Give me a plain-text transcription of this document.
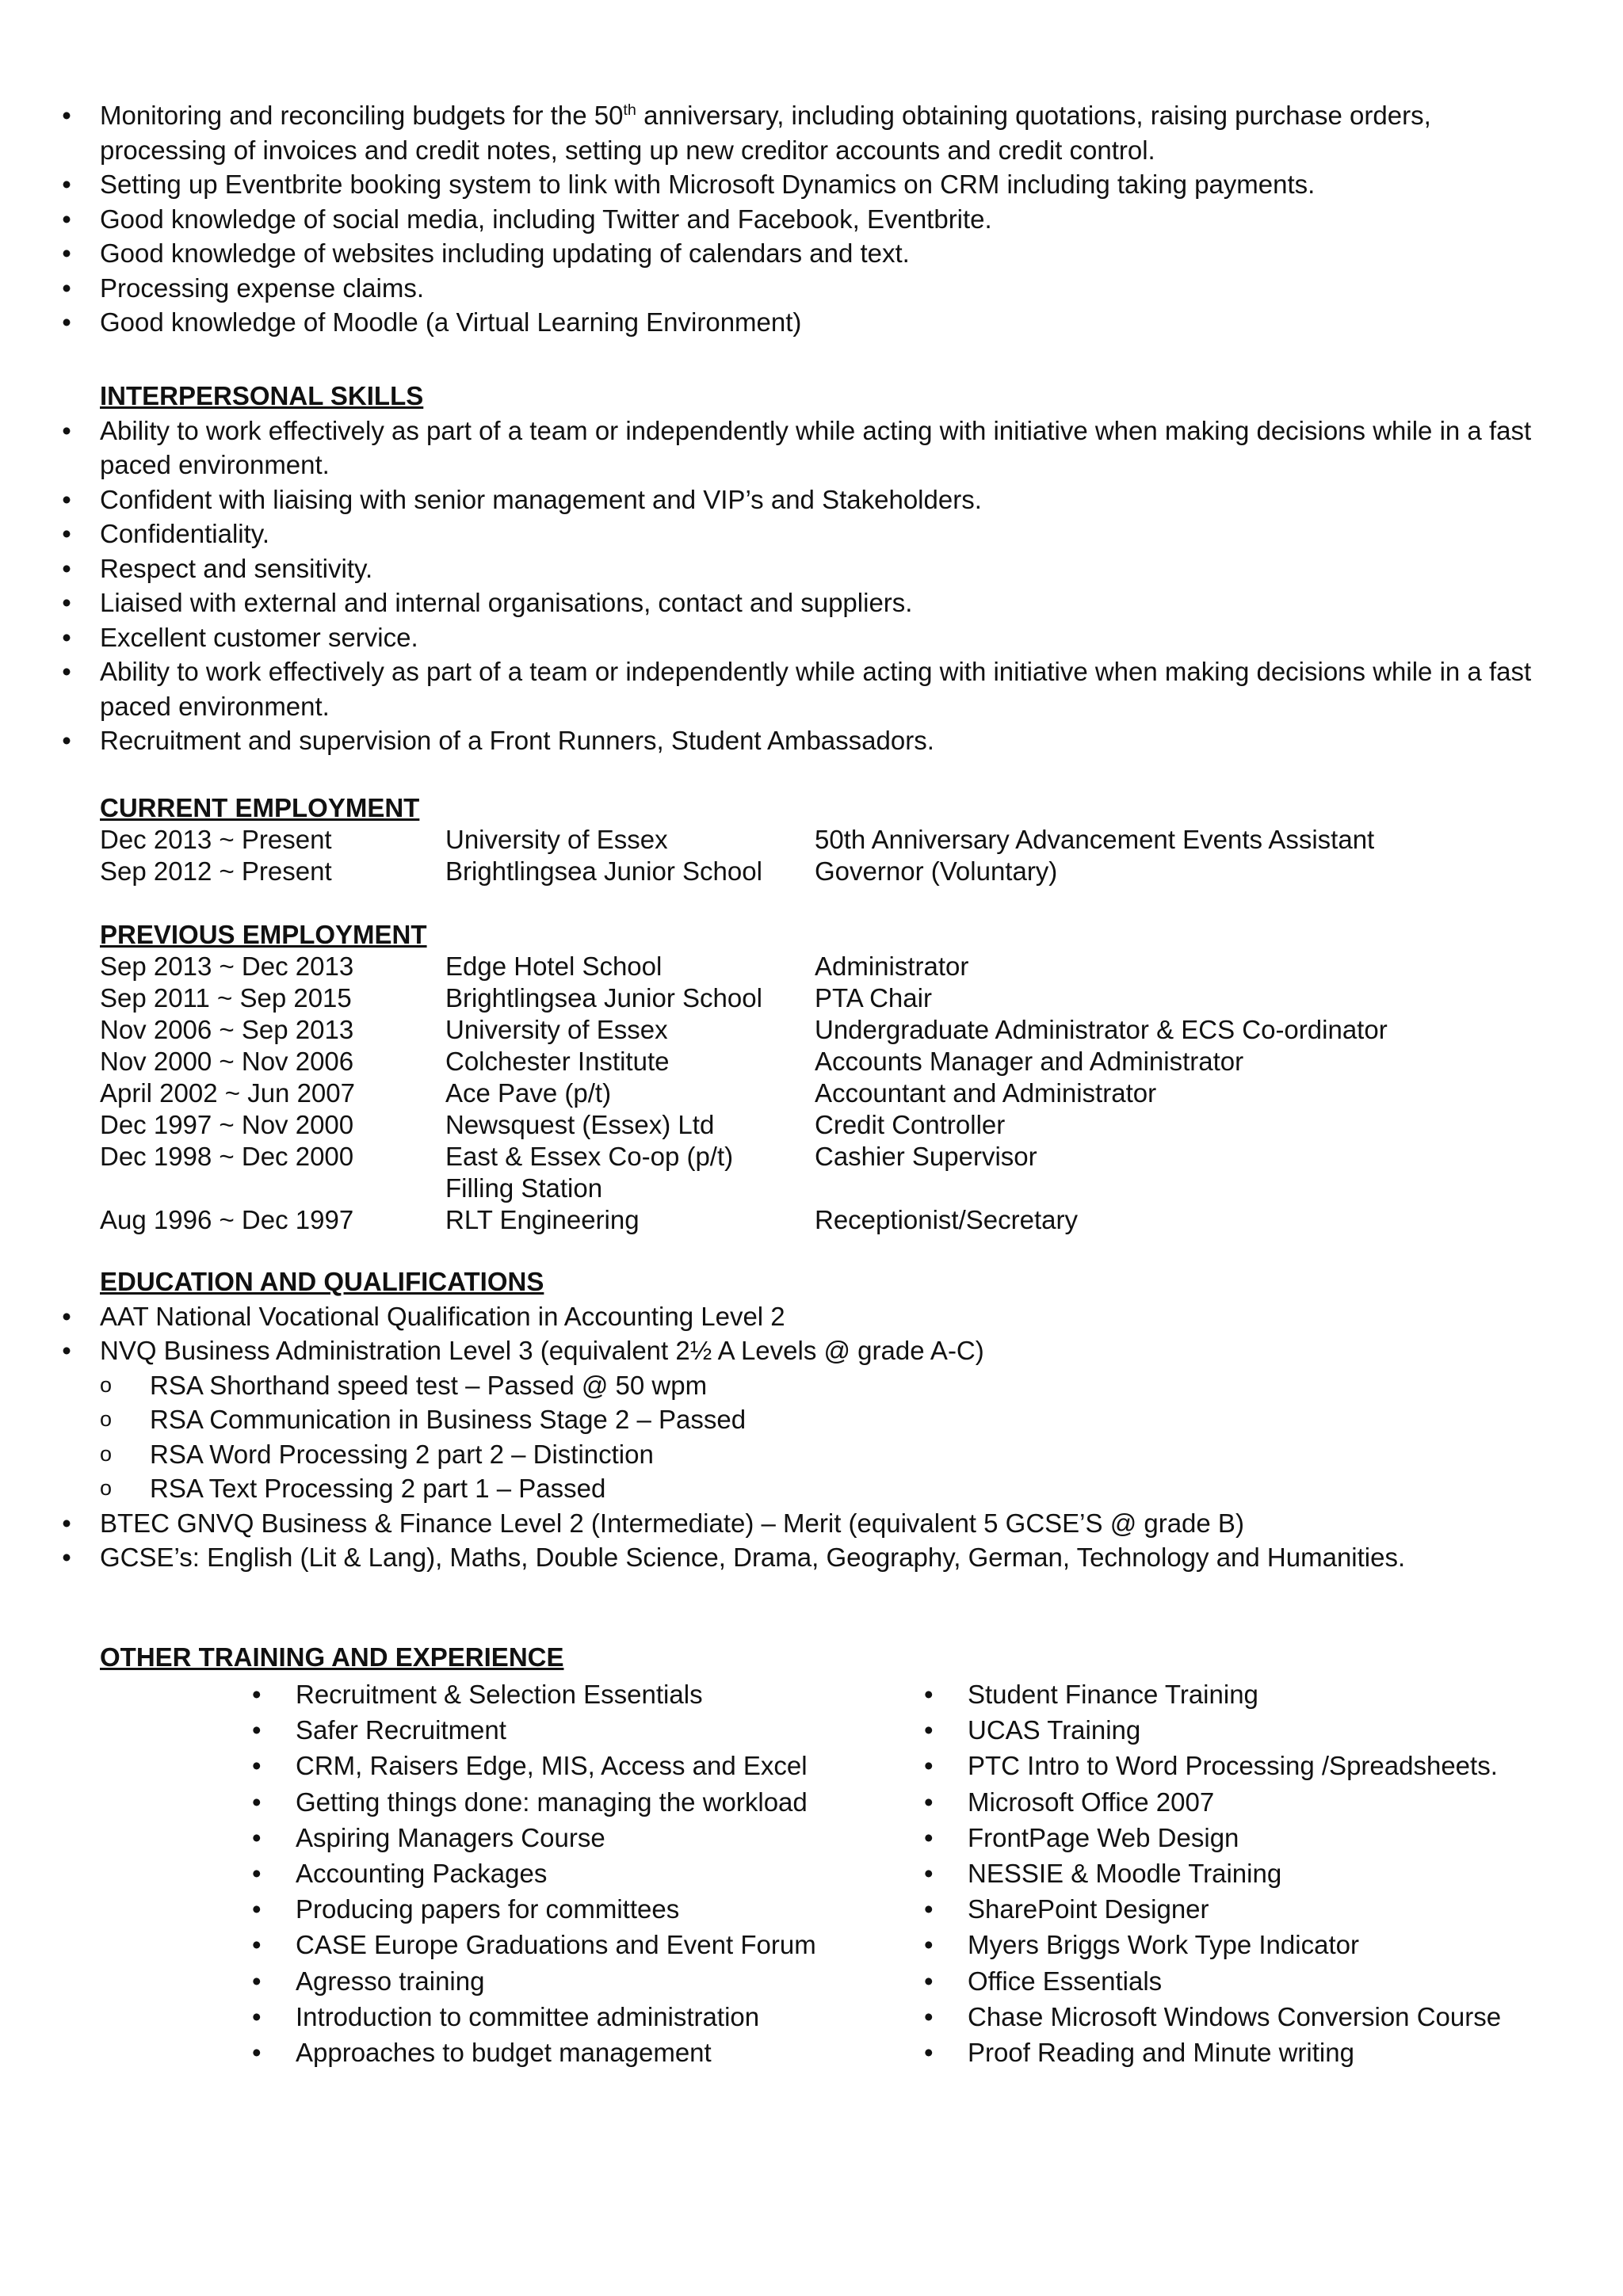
•	Monitoring and reconciling budgets for the 50th anniversary, including obtaining quotations, raising purchase orders, processing of invoices and credit notes, setting up new creditor accounts and credit control.
•	Setting up Eventbrite booking system to link with Microsoft Dynamics on CRM including taking payments.
•	Good knowledge of social media, including Twitter and Facebook, Eventbrite.
•	Good knowledge of websites including updating of calendars and text.
•	Processing expense claims.
•	Good knowledge of Moodle (a Virtual Learning Environment)
INTERPERSONAL SKILLS
•	Ability to work effectively as part of a team or independently while acting with initiative when making decisions while in a fast paced environment.
•	Confident with liaising with senior management and VIP’s and Stakeholders.
•	Confidentiality.
•	Respect and sensitivity.
•	Liaised with external and internal organisations, contact and suppliers.
•	Excellent customer service.
•	Ability to work effectively as part of a team or independently while acting with initiative when making decisions while in a fast paced environment.
•	Recruitment and supervision of a Front Runners, Student Ambassadors.
CURRENT EMPLOYMENT
Dec 2013 ~ Present	University of Essex	50th Anniversary Advancement Events Assistant
Sep 2012 ~ Present	Brightlingsea Junior School	Governor (Voluntary)
PREVIOUS EMPLOYMENT
Sep 2013 ~ Dec 2013	Edge Hotel School	Administrator
Sep 2011 ~ Sep 2015	Brightlingsea Junior School	PTA Chair
Nov 2006 ~ Sep 2013	University of Essex	Undergraduate Administrator & ECS Co-ordinator
Nov 2000 ~ Nov 2006	Colchester Institute	Accounts Manager and Administrator
April 2002 ~ Jun 2007	Ace Pave (p/t)	Accountant and Administrator
Dec 1997 ~ Nov 2000	Newsquest (Essex) Ltd	Credit Controller
Dec 1998 ~ Dec 2000	East & Essex Co-op (p/t)	Cashier Supervisor
Filling Station
Aug 1996 ~ Dec 1997	RLT Engineering	Receptionist/Secretary
EDUCATION AND QUALIFICATIONS
•	AAT National Vocational Qualification in Accounting Level 2
•	NVQ Business Administration Level 3 (equivalent 2½ A Levels @ grade A-C)
o	RSA Shorthand speed test – Passed @ 50 wpm
o	RSA Communication in Business Stage 2 – Passed
o	RSA Word Processing 2 part 2 – Distinction
o	RSA Text Processing 2 part 1 – Passed
•	BTEC GNVQ Business & Finance Level 2 (Intermediate) – Merit (equivalent 5 GCSE’S @ grade B)
•	GCSE’s: English (Lit & Lang), Maths, Double Science, Drama, Geography, German, Technology and Humanities.
OTHER TRAINING AND EXPERIENCE
•	Recruitment & Selection Essentials
•	Safer Recruitment
•	CRM, Raisers Edge, MIS, Access and Excel
•	Getting things done: managing the workload
•	Aspiring Managers Course
•	Accounting Packages
•	Producing papers for committees
•	CASE Europe Graduations and Event Forum
•	Agresso training
•	Introduction to committee administration
•	Approaches to budget management
•	Student Finance Training
•	UCAS Training
•	PTC Intro to Word Processing /Spreadsheets.
•	Microsoft Office 2007
•	FrontPage Web Design
•	NESSIE & Moodle Training
•	SharePoint Designer
•	Myers Briggs Work Type Indicator
•	Office Essentials
•	Chase Microsoft Windows Conversion Course
•	Proof Reading and Minute writing
